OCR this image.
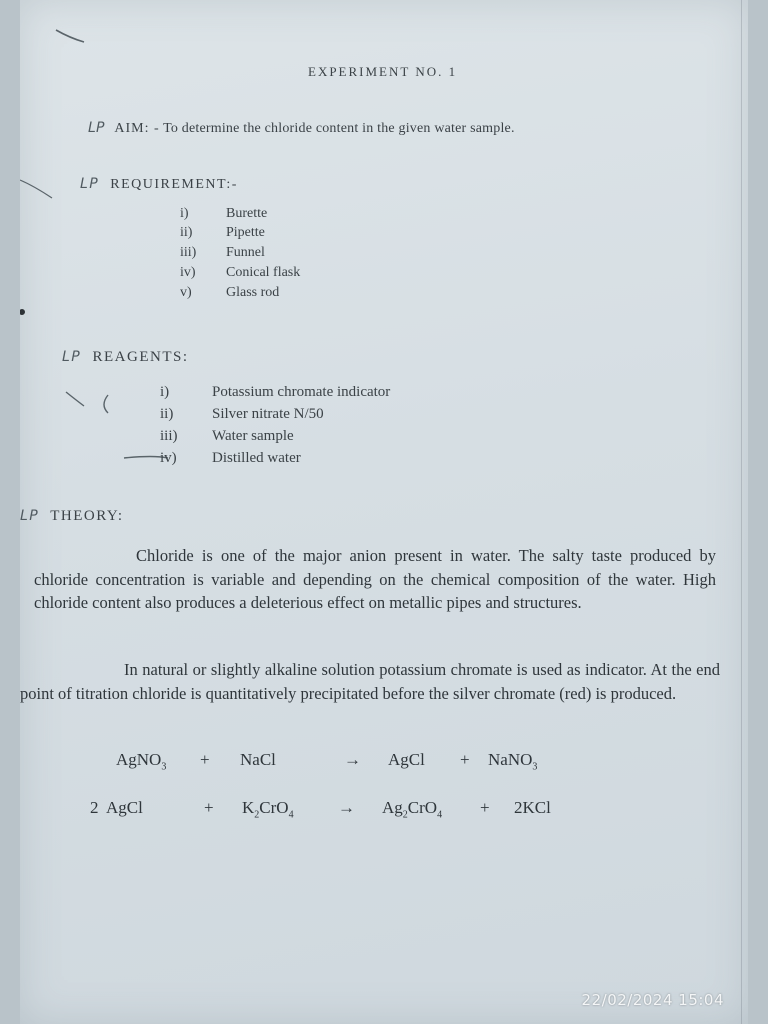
EXPERIMENT NO. 1
LP AIM: - To determine the chloride content in the given water sample.
LP REQUIREMENT:-
i)	Burette
ii) Pipette
iii) Funnel
iv) Conical flask
v) Glass rod
LP REAGENTS:
i)	Potassium chromate indicator
ii)	Silver nitrate N/50
iii) Water sample
iv) Distilled water
LP THEORY:
Chloride is one of the major anion present in water. The salty taste produced by chloride concentration is variable and depending on the chemical composition of the water. High chloride content also produces a deleterious effect on metallic pipes and structures.
In natural or slightly alkaline solution potassium chromate is used as indicator. At the end point of titration chloride is quantitatively precipitated before the silver chromate (red) is produced.
AgNO$_3$ + NaCl	→ AgCl + NaNO$_3$
2 AgCl	+ $K_2CrO_4$	→ $Ag_2CrO_4 + 2KCl$
22/02/2024 15:04
